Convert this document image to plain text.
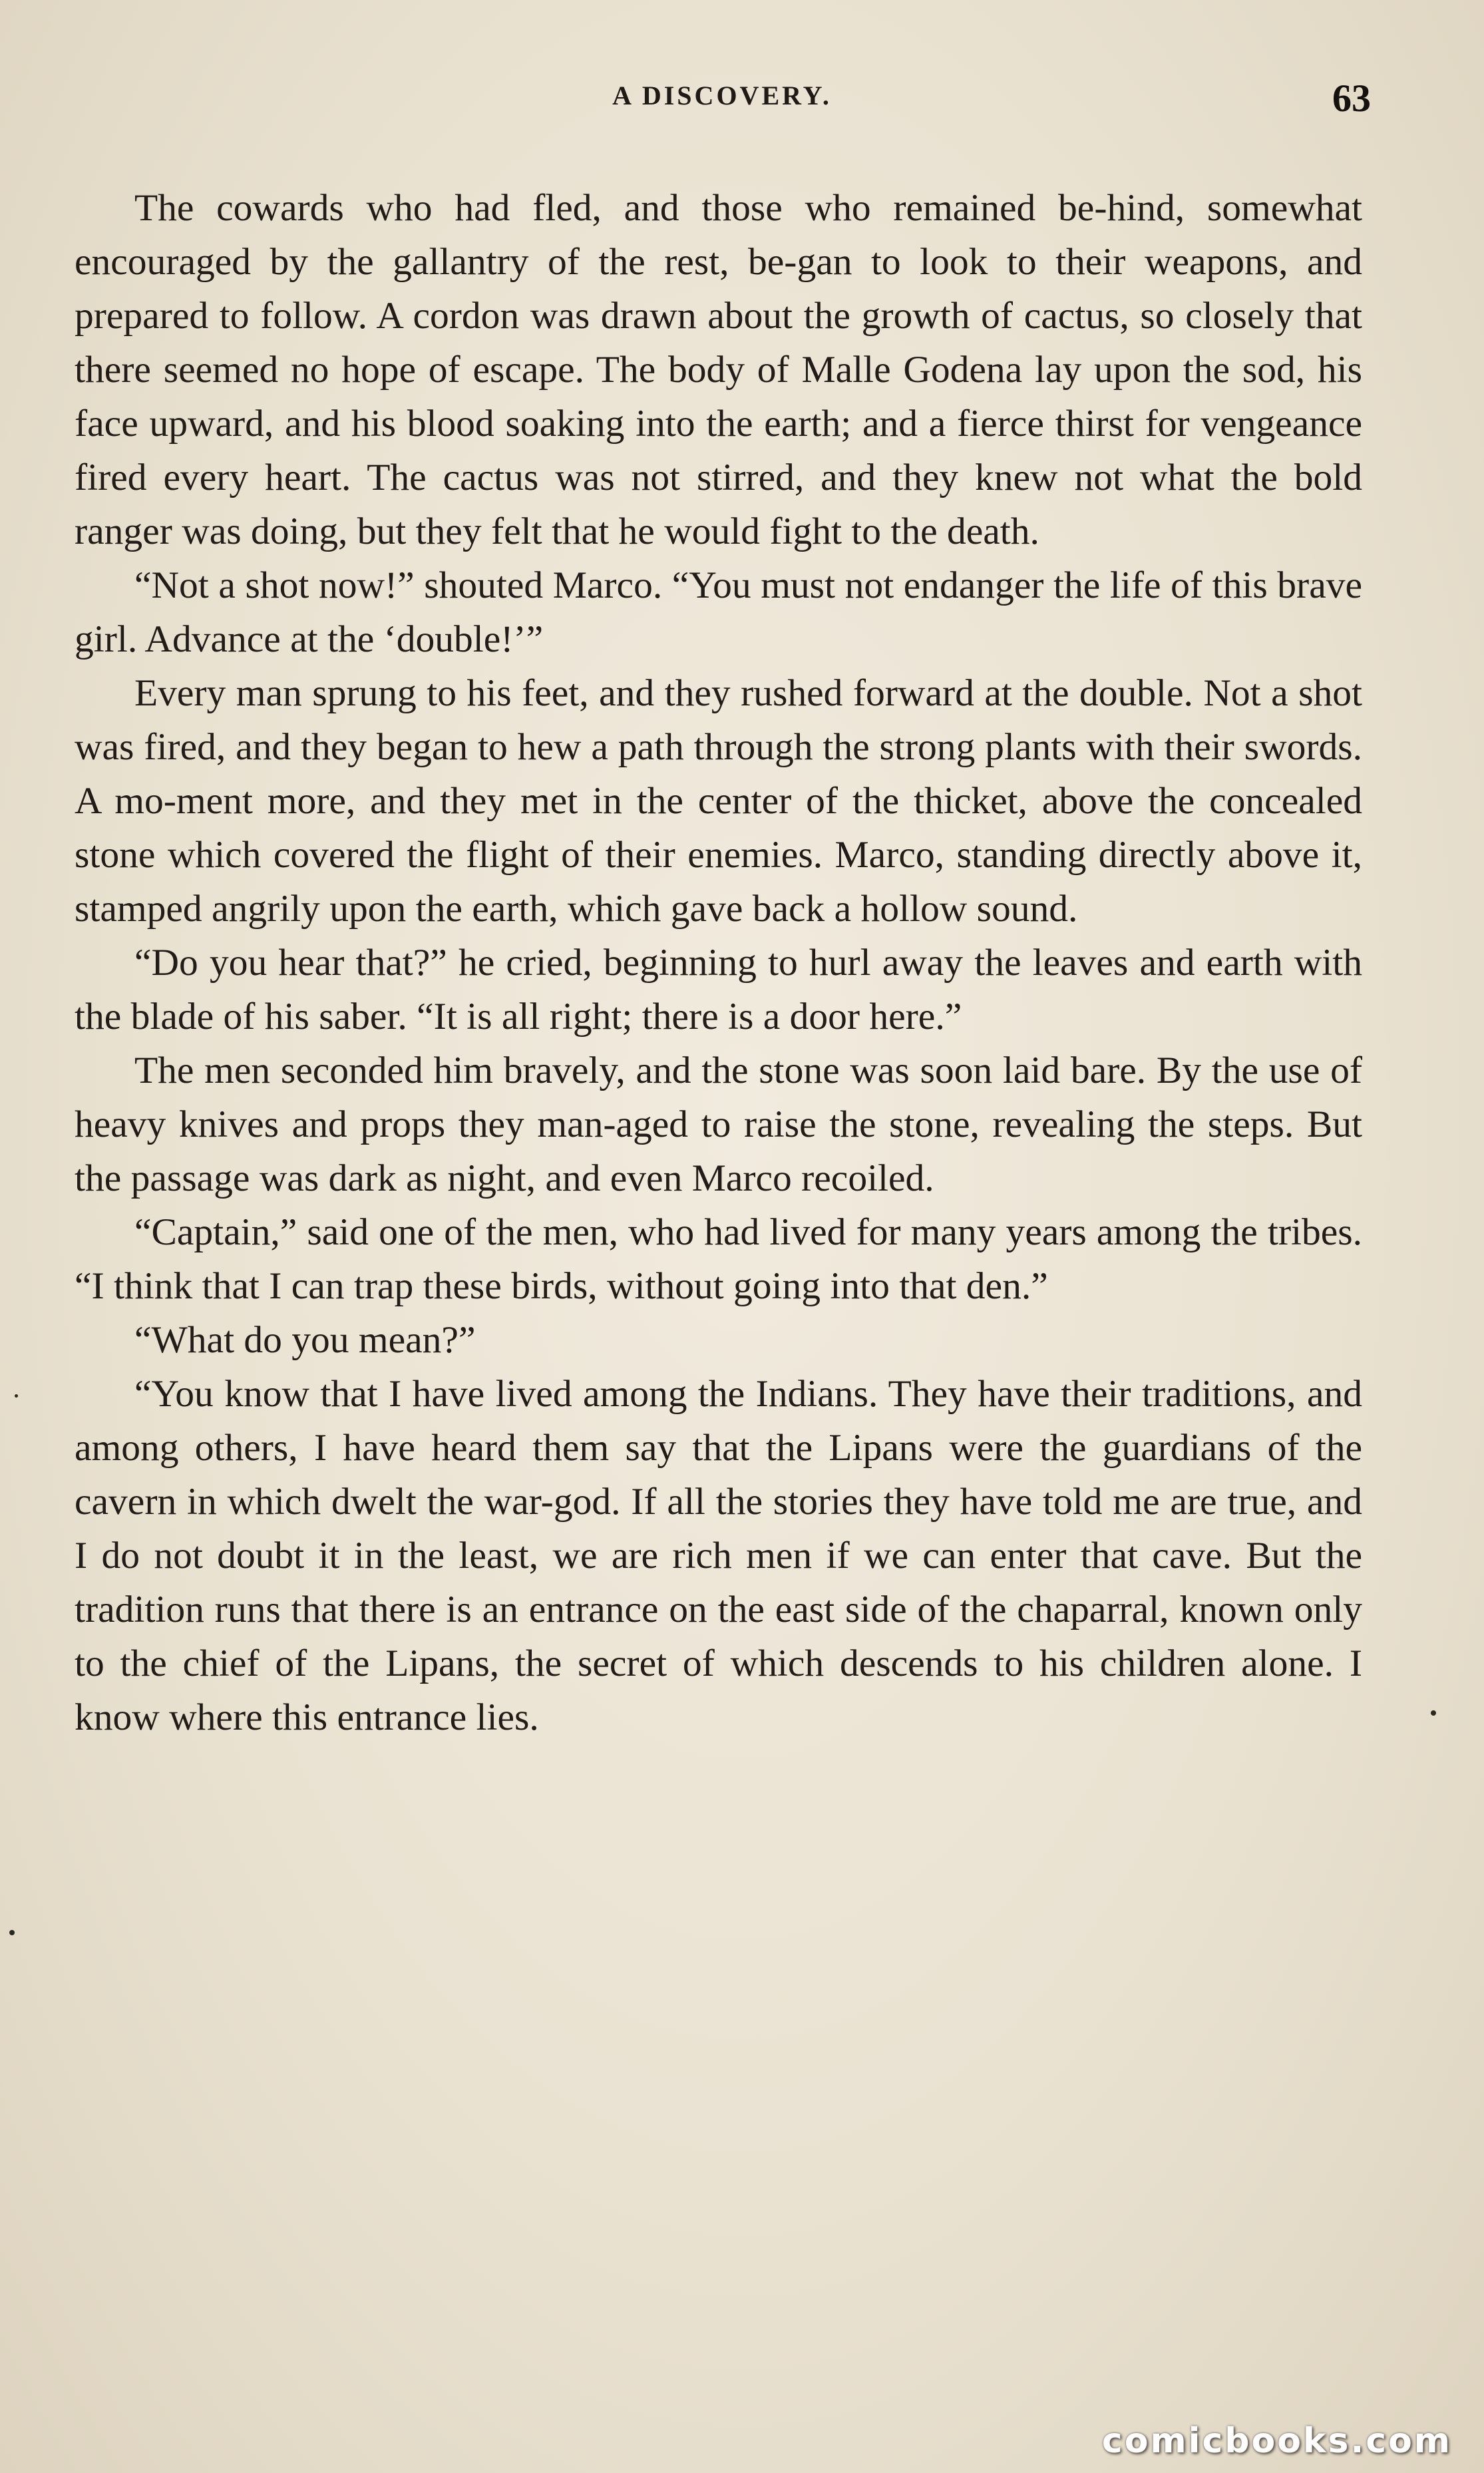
A DISCOVERY.	63

The cowards who had fled, and those who remained be-hind, somewhat encouraged by the gallantry of the rest, be-gan to look to their weapons, and prepared to follow. A cordon was drawn about the growth of cactus, so closely that there seemed no hope of escape. The body of Malle Godena lay upon the sod, his face upward, and his blood soaking into the earth; and a fierce thirst for vengeance fired every heart. The cactus was not stirred, and they knew not what the bold ranger was doing, but they felt that he would fight to the death.

“Not a shot now!” shouted Marco. “You must not endanger the life of this brave girl. Advance at the ‘double!’”

Every man sprung to his feet, and they rushed forward at the double. Not a shot was fired, and they began to hew a path through the strong plants with their swords. A mo-ment more, and they met in the center of the thicket, above the concealed stone which covered the flight of their enemies. Marco, standing directly above it, stamped angrily upon the earth, which gave back a hollow sound.

“Do you hear that?” he cried, beginning to hurl away the leaves and earth with the blade of his saber. “It is all right; there is a door here.”

The men seconded him bravely, and the stone was soon laid bare. By the use of heavy knives and props they man-aged to raise the stone, revealing the steps. But the passage was dark as night, and even Marco recoiled.

“Captain,” said one of the men, who had lived for many years among the tribes. “I think that I can trap these birds, without going into that den.”

“What do you mean?”

“You know that I have lived among the Indians. They have their traditions, and among others, I have heard them say that the Lipans were the guardians of the cavern in which dwelt the war-god. If all the stories they have told me are true, and I do not doubt it in the least, we are rich men if we can enter that cave. But the tradition runs that there is an entrance on the east side of the chaparral, known only to the chief of the Lipans, the secret of which descends to his children alone. I know where this entrance lies.

comicbooks.com
